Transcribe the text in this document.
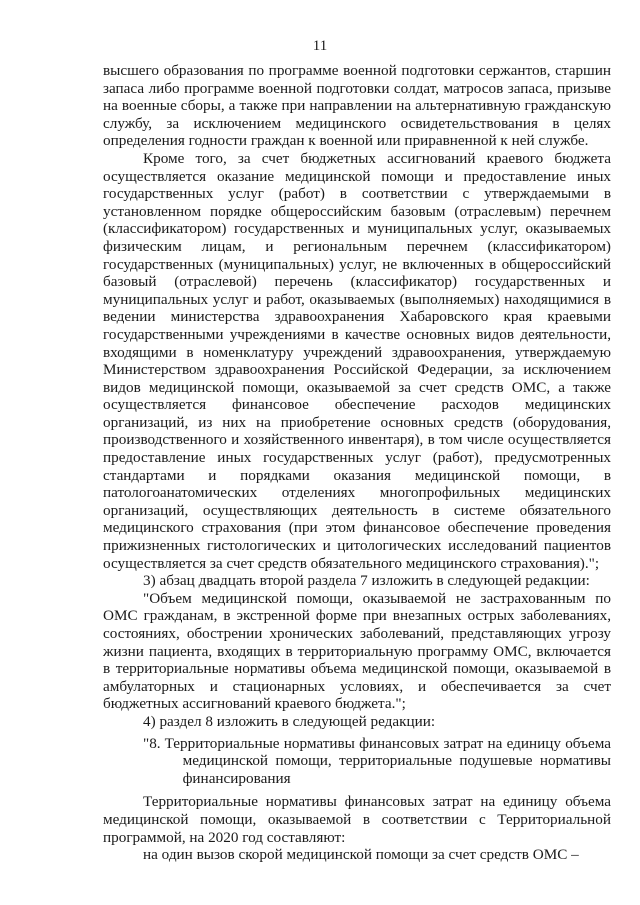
11

высшего образования по программе военной подготовки сержантов, старшин запаса либо программе военной подготовки солдат, матросов запаса, призыве на военные сборы, а также при направлении на альтернативную гражданскую службу, за исключением медицинского освидетельствования в целях определения годности граждан к военной или приравненной к ней службе.

Кроме того, за счет бюджетных ассигнований краевого бюджета осуществляется оказание медицинской помощи и предоставление иных государственных услуг (работ) в соответствии с утверждаемыми в установленном порядке общероссийским базовым (отраслевым) перечнем (классификатором) государственных и муниципальных услуг, оказываемых физическим лицам, и региональным перечнем (классификатором) государственных (муниципальных) услуг, не включенных в общероссийский базовый (отраслевой) перечень (классификатор) государственных и муниципальных услуг и работ, оказываемых (выполняемых) находящимися в ведении министерства здравоохранения Хабаровского края краевыми государственными учреждениями в качестве основных видов деятельности, входящими в номенклатуру учреждений здравоохранения, утверждаемую Министерством здравоохранения Российской Федерации, за исключением видов медицинской помощи, оказываемой за счет средств ОМС, а также осуществляется финансовое обеспечение расходов медицинских организаций, из них на приобретение основных средств (оборудования, производственного и хозяйственного инвентаря), в том числе осуществляется предоставление иных государственных услуг (работ), предусмотренных стандартами и порядками оказания медицинской помощи, в патологоанатомических отделениях многопрофильных медицинских организаций, осуществляющих деятельность в системе обязательного медицинского страхования (при этом финансовое обеспечение проведения прижизненных гистологических и цитологических исследований пациентов осуществляется за счет средств обязательного медицинского страхования).";

3) абзац двадцать второй раздела 7 изложить в следующей редакции:

"Объем медицинской помощи, оказываемой не застрахованным по ОМС гражданам, в экстренной форме при внезапных острых заболеваниях, состояниях, обострении хронических заболеваний, представляющих угрозу жизни пациента, входящих в территориальную программу ОМС, включается в территориальные нормативы объема медицинской помощи, оказываемой в амбулаторных и стационарных условиях, и обеспечивается за счет бюджетных ассигнований краевого бюджета.";

4) раздел 8 изложить в следующей редакции:

"8. Территориальные нормативы финансовых затрат на единицу объема медицинской помощи, территориальные подушевые нормативы финансирования

Территориальные нормативы финансовых затрат на единицу объема медицинской помощи, оказываемой в соответствии с Территориальной программой, на 2020 год составляют:

на один вызов скорой медицинской помощи за счет средств ОМС –
